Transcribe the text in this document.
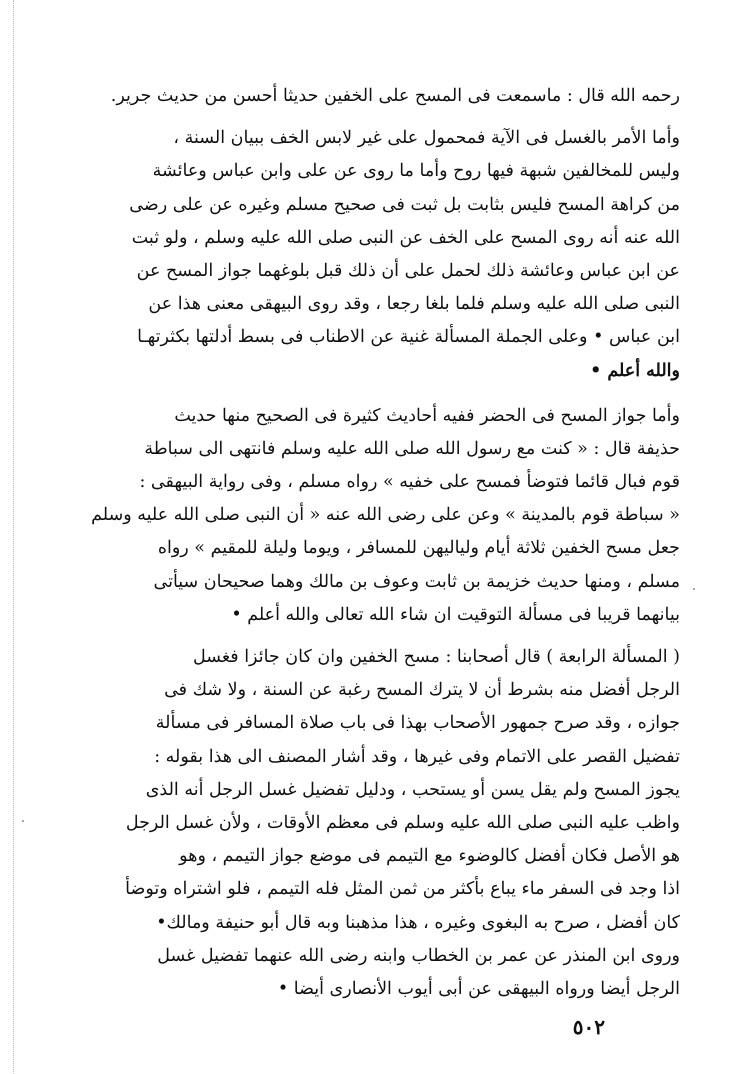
رحمه الله قال : ماسمعت فى المسح على الخفين حديثا أحسن من حديث جرير.
وأما الأمر بالغسل فى الآية فمحمول على غير لابس الخف ببيان السنة ،
وليس للمخالفين شبهة فيها روح وأما ما روى عن على وابن عباس وعائشة
من كراهة المسح فليس بثابت بل ثبت فى صحيح مسلم وغيره عن على رضى
الله عنه أنه روى المسح على الخف عن النبى صلى الله عليه وسلم ، ولو ثبت
عن ابن عباس وعائشة ذلك لحمل على أن ذلك قبل بلوغهما جواز المسح عن
النبى صلى الله عليه وسلم فلما بلغا رجعا ، وقد روى البيهقى معنى هذا عن
ابن عباس • وعلى الجملة المسألة غنية عن الاطناب فى بسط أدلتها بكثرتهـا
والله أعلم •
وأما جواز المسح فى الحضر ففيه أحاديث كثيرة فى الصحيح منها حديث
حذيفة قال : « كنت مع رسول الله صلى الله عليه وسلم فانتهى الى سباطة
قوم فبال قائما فتوضأ فمسح على خفيه » رواه مسلم ، وفى رواية البيهقى :
« سباطة قوم بالمدينة » وعن على رضى الله عنه « أن النبى صلى الله عليه وسلم
جعل مسح الخفين ثلاثة أيام ولياليهن للمسافر ، ويوما وليلة للمقيم » رواه
مسلم ، ومنها حديث خزيمة بن ثابت وعوف بن مالك وهما صحيحان سيأتى
بيانهما قريبا فى مسألة التوقيت ان شاء الله تعالى والله أعلم •
( المسألة الرابعة ) قال أصحابنا : مسح الخفين وان كان جائزا فغسل
الرجل أفضل منه بشرط أن لا يترك المسح رغبة عن السنة ، ولا شك فى
جوازه ، وقد صرح جمهور الأصحاب بهذا فى باب صلاة المسافر فى مسألة
تفضيل القصر على الاتمام وفى غيرها ، وقد أشار المصنف الى هذا بقوله :
يجوز المسح ولم يقل يسن أو يستحب ، ودليل تفضيل غسل الرجل أنه الذى
واظب عليه النبى صلى الله عليه وسلم فى معظم الأوقات ، ولأن غسل الرجل
هو الأصل فكان أفضل كالوضوء مع التيمم فى موضع جواز التيمم ، وهو
اذا وجد فى السفر ماء يباع بأكثر من ثمن المثل فله التيمم ، فلو اشتراه وتوضأ
كان أفضل ، صرح به البغوى وغيره ، هذا مذهبنا وبه قال أبو حنيفة ومالك•
وروى ابن المنذر عن عمر بن الخطاب وابنه رضى الله عنهما تفضيل غسل
الرجل أيضا ورواه البيهقى عن أبى أيوب الأنصارى أيضا •
٥٠٢
